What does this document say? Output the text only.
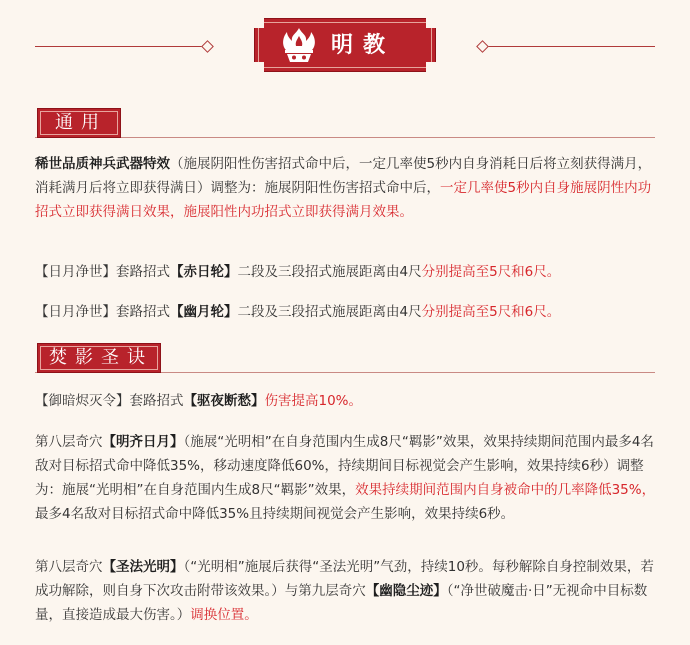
明教
通用
稀世品质神兵武器特效（施展阴阳性伤害招式命中后，一定几率使5秒内自身消耗日后将立刻获得满月，消耗满月后将立即获得满日）调整为：施展阴阳性伤害招式命中后，一定几率使5秒内自身施展阴性内功招式立即获得满日效果，施展阳性内功招式立即获得满月效果。
【日月净世】套路招式【赤日轮】二段及三段招式施展距离由4尺分别提高至5尺和6尺。
【日月净世】套路招式【幽月轮】二段及三段招式施展距离由4尺分别提高至5尺和6尺。
焚影圣诀
【御暗烬灭令】套路招式【驱夜断愁】伤害提高10%。
第八层奇穴【明齐日月】（施展“光明相”在自身范围内生成8尺“羁影”效果，效果持续期间范围内最多4名敌对目标招式命中降低35%，移动速度降低60%，持续期间目标视觉会产生影响，效果持续6秒）调整为：施展“光明相”在自身范围内生成8尺“羁影”效果，效果持续期间范围内自身被命中的几率降低35%，最多4名敌对目标招式命中降低35%且持续期间视觉会产生影响，效果持续6秒。
第八层奇穴【圣法光明】（“光明相”施展后获得“圣法光明”气劲，持续10秒。每秒解除自身控制效果，若成功解除，则自身下次攻击附带该效果。）与第九层奇穴【幽隐尘迹】（“净世破魔击·日”无视命中目标数量，直接造成最大伤害。）调换位置。
